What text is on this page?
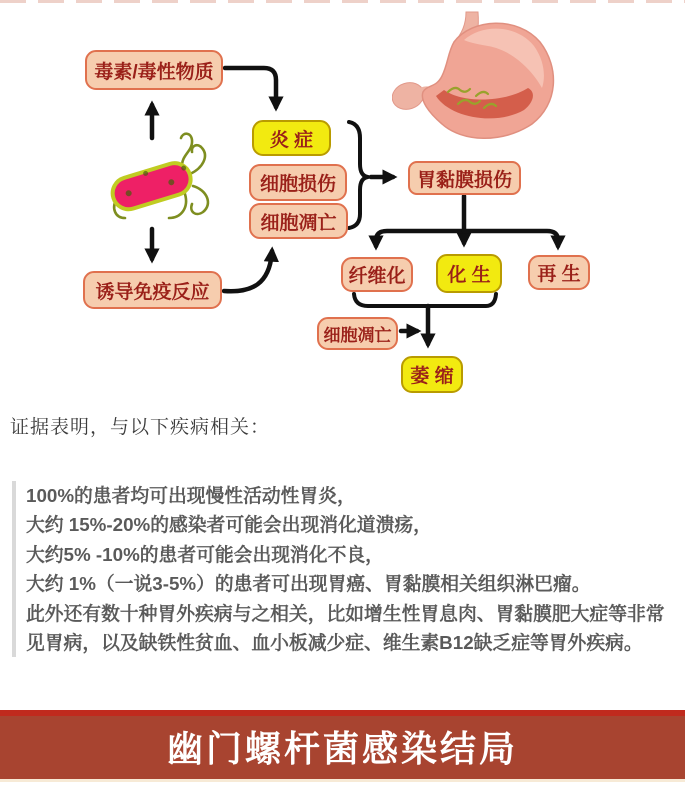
毒素/毒性物质
炎 症
细胞损伤
细胞凋亡
诱导免疫反应
胃黏膜损伤
纤维化	化 生	再 生
细胞凋亡
萎 缩
证据表明，与以下疾病相关：
100%的患者均可出现慢性活动性胃炎，
大约 15%-20%的感染者可能会出现消化道溃疡，
大约5% -10%的患者可能会出现消化不良，
大约 1%（一说3-5%）的患者可出现胃癌、胃黏膜相关组织淋巴瘤。
此外还有数十种胃外疾病与之相关，比如增生性胃息肉、胃黏膜肥大症等非常
见胃病，以及缺铁性贫血、血小板减少症、维生素B12缺乏症等胃外疾病。
幽门螺杆菌感染结局
